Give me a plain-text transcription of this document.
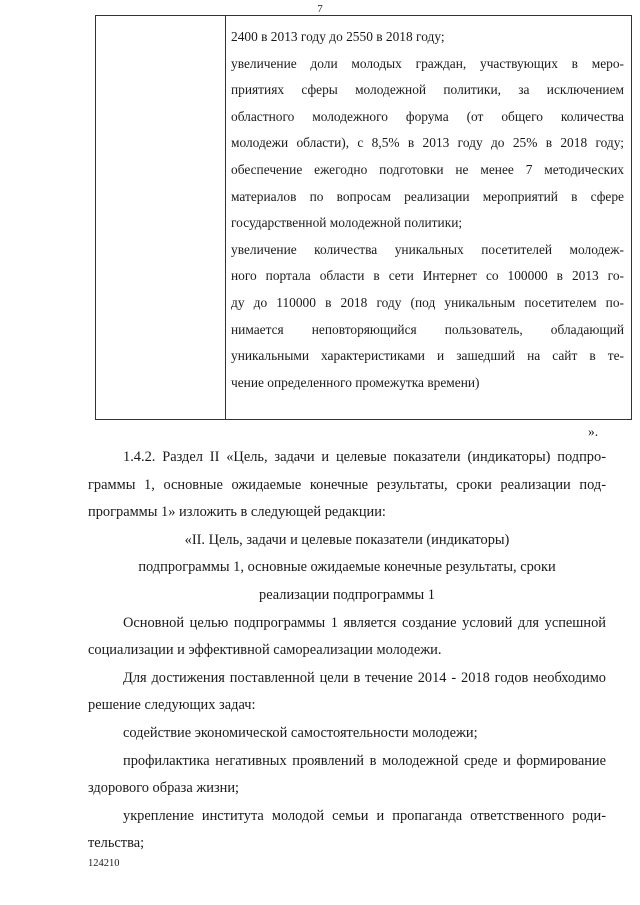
7
2400 в 2013 году до 2550 в 2018 году;
увеличение доли молодых граждан, участвующих в меро-
приятиях сферы молодежной политики, за исключением
областного молодежного форума (от общего количества
молодежи области), с 8,5% в 2013 году до 25% в 2018 году;
обеспечение ежегодно подготовки не менее 7 методических
материалов по вопросам реализации мероприятий в сфере
государственной молодежной политики;
увеличение количества уникальных посетителей молодеж-
ного портала области в сети Интернет со 100000 в 2013 го-
ду до 110000 в 2018 году (под уникальным посетителем по-
нимается неповторяющийся пользователь, обладающий
уникальными характеристиками и зашедший на сайт в те-
чение определенного промежутка времени)
».
1.4.2. Раздел II «Цель, задачи и целевые показатели (индикаторы) подпро-
граммы 1, основные ожидаемые конечные результаты, сроки реализации под-
программы 1» изложить в следующей редакции:
«II. Цель, задачи и целевые показатели (индикаторы)
подпрограммы 1, основные ожидаемые конечные результаты, сроки
реализации подпрограммы 1
Основной целью подпрограммы 1 является создание условий для успешной
социализации и эффективной самореализации молодежи.
Для достижения поставленной цели в течение 2014 - 2018 годов необходимо
решение следующих задач:
содействие экономической самостоятельности молодежи;
профилактика негативных проявлений в молодежной среде и формирование
здорового образа жизни;
укрепление института молодой семьи и пропаганда ответственного роди-
тельства;
124210
